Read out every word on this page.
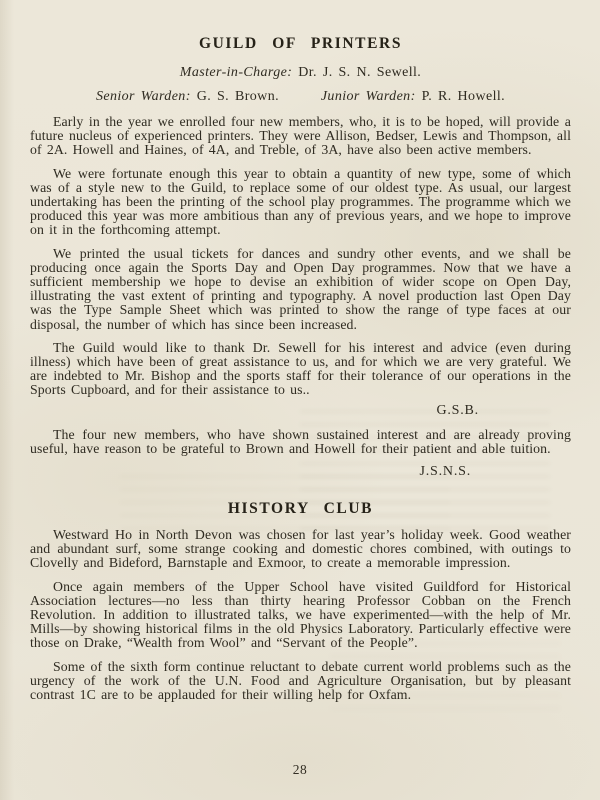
GUILD OF PRINTERS
Master-in-Charge: Dr. J. S. N. Sewell.
Senior Warden: G. S. Brown.	Junior Warden: P. R. Howell.

Early in the year we enrolled four new members, who, it is to be hoped, will provide a future nucleus of experienced printers. They were Allison, Bedser, Lewis and Thompson, all of 2A. Howell and Haines, of 4A, and Treble, of 3A, have also been active members.

We were fortunate enough this year to obtain a quantity of new type, some of which was of a style new to the Guild, to replace some of our oldest type. As usual, our largest undertaking has been the printing of the school play programmes. The programme which we produced this year was more ambitious than any of previous years, and we hope to improve on it in the forthcoming attempt.

We printed the usual tickets for dances and sundry other events, and we shall be producing once again the Sports Day and Open Day programmes. Now that we have a sufficient membership we hope to devise an exhibition of wider scope on Open Day, illustrating the vast extent of printing and typography. A novel production last Open Day was the Type Sample Sheet which was printed to show the range of type faces at our disposal, the number of which has since been increased.

The Guild would like to thank Dr. Sewell for his interest and advice (even during illness) which have been of great assistance to us, and for which we are very grateful. We are indebted to Mr. Bishop and the sports staff for their tolerance of our operations in the Sports Cupboard, and for their assistance to us..

G.S.B.

The four new members, who have shown sustained interest and are already proving useful, have reason to be grateful to Brown and Howell for their patient and able tuition.

J.S.N.S.
HISTORY CLUB

Westward Ho in North Devon was chosen for last year’s holiday week. Good weather and abundant surf, some strange cooking and domestic chores combined, with outings to Clovelly and Bideford, Barnstaple and Exmoor, to create a memorable impression.

Once again members of the Upper School have visited Guildford for Historical Association lectures—no less than thirty hearing Professor Cobban on the French Revolution. In addition to illustrated talks, we have experimented—with the help of Mr. Mills—by showing historical films in the old Physics Laboratory. Particularly effective were those on Drake, “Wealth from Wool” and “Servant of the People”.

Some of the sixth form continue reluctant to debate current world problems such as the urgency of the work of the U.N. Food and Agriculture Organisation, but by pleasant contrast 1C are to be applauded for their willing help for Oxfam.

28
